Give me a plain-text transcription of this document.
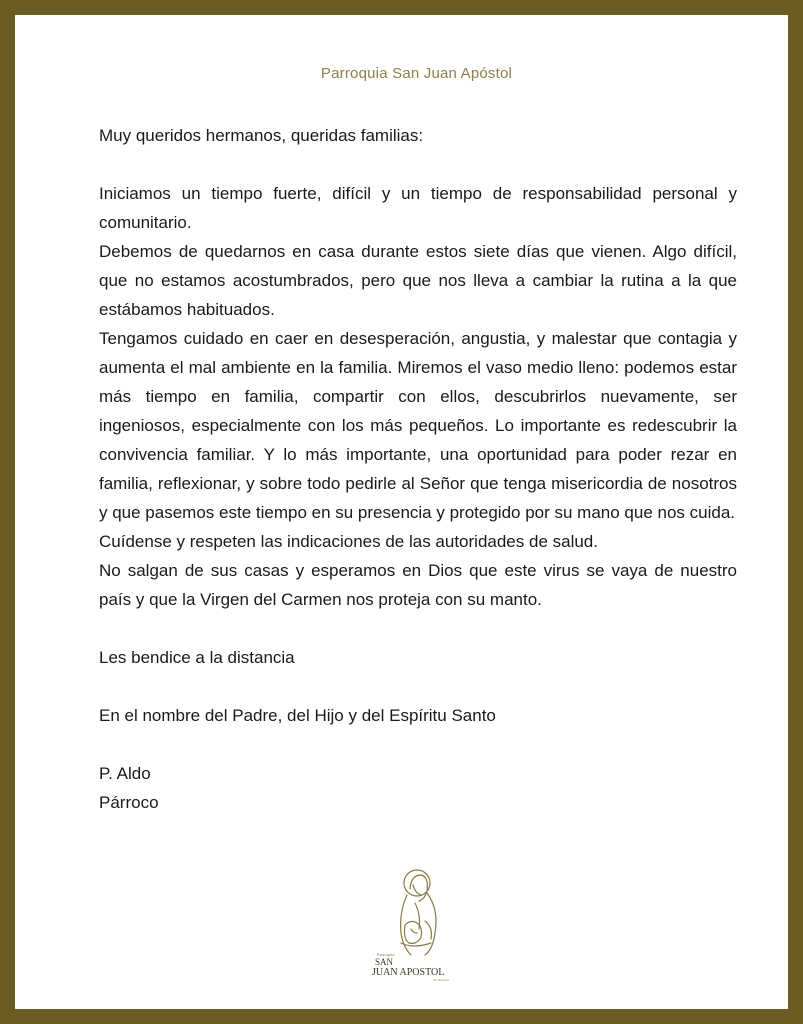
Parroquia San Juan Apóstol

Muy queridos hermanos, queridas familias:

Iniciamos un tiempo fuerte, difícil y un tiempo de responsabilidad personal y comunitario.

Debemos de quedarnos en casa durante estos siete días que vienen. Algo difícil, que no estamos acostumbrados, pero que nos lleva a cambiar la rutina a la que estábamos habituados.

Tengamos cuidado en caer en desesperación, angustia, y malestar que contagia y aumenta el mal ambiente en la familia. Miremos el vaso medio lleno: podemos estar más tiempo en familia, compartir con ellos, descubrirlos nuevamente, ser ingeniosos, especialmente con los más pequeños. Lo importante es redescubrir la convivencia familiar. Y lo más importante, una oportunidad para poder rezar en familia, reflexionar, y sobre todo pedirle al Señor que tenga misericordia de nosotros y que pasemos este tiempo en su presencia y protegido por su mano que nos cuida.

Cuídense y respeten las indicaciones de las autoridades de salud.

No salgan de sus casas y esperamos en Dios que este virus se vaya de nuestro país y que la Virgen del Carmen nos proteja con su manto.

Les bendice a la distancia

En el nombre del Padre, del Hijo y del Espíritu Santo

P. Aldo

Párroco

Parroquia
SAN
JUAN APOSTOL
de Vitacura
